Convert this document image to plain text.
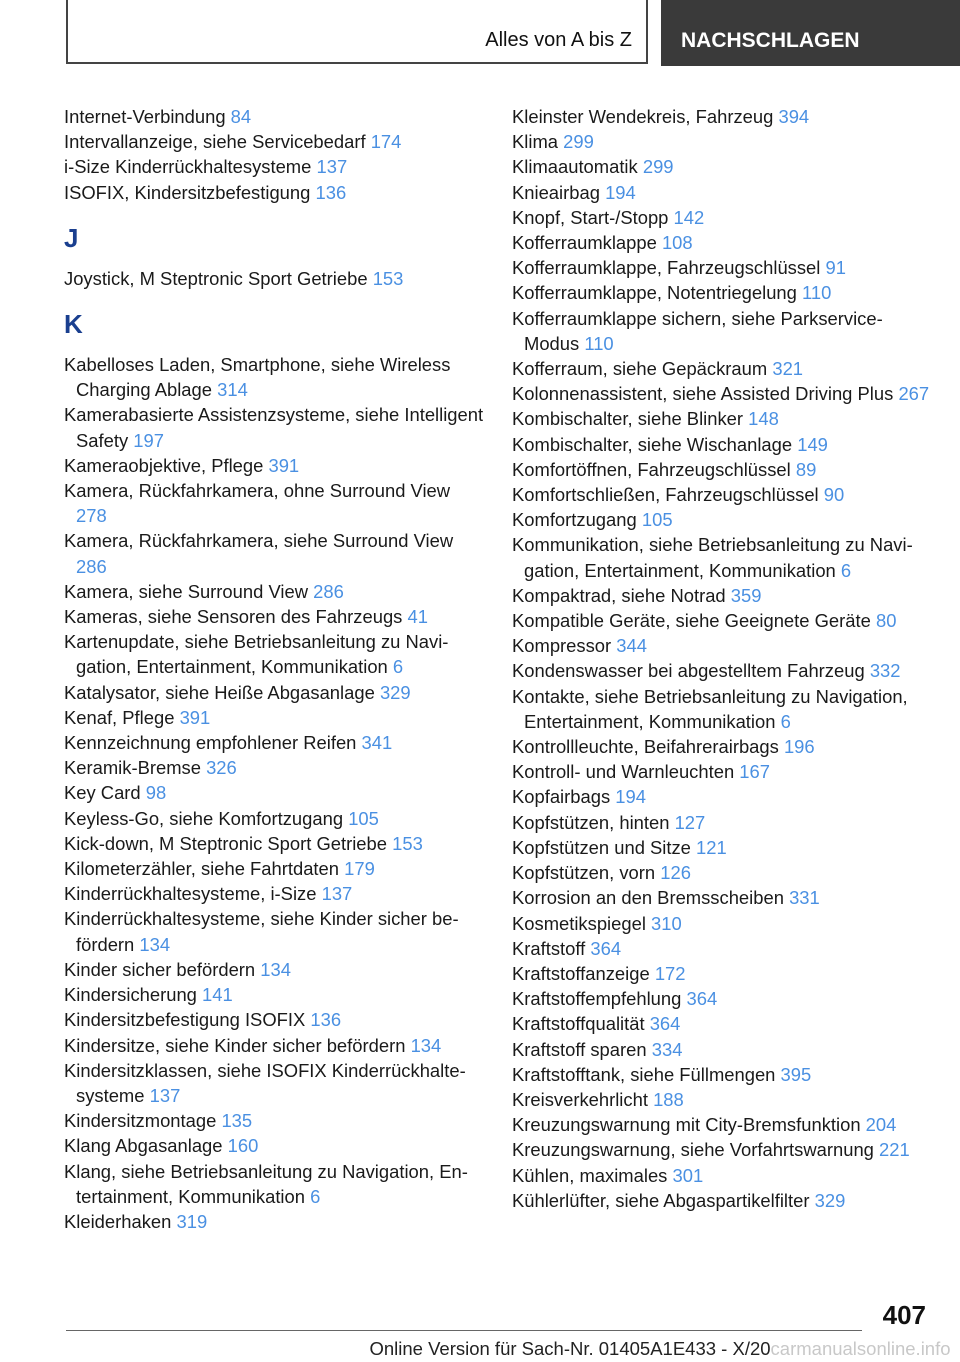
Alles von A bis Z NACHSCHLAGEN

Internet-Verbindung 84

Intervallanzeige, siehe Servicebedarf 174

i-Size Kinderrückhaltesysteme 137

ISOFIX, Kindersitzbefestigung 136

J

Joystick, M Steptronic Sport Getriebe 153

K

Kabelloses Laden, Smartphone, siehe Wireless Charging Ablage 314

Kamerabasierte Assistenzsysteme, siehe Intelligent Safety 197

Kameraobjektive, Pflege 391

Kamera, Rückfahrkamera, ohne Surround View 278

Kamera, Rückfahrkamera, siehe Surround View 286

Kamera, siehe Surround View 286

Kameras, siehe Sensoren des Fahrzeugs 41

Kartenupdate, siehe Betriebsanleitung zu Navigation, Entertainment, Kommunikation 6

Katalysator, siehe Heiße Abgasanlage 329

Kenaf, Pflege 391

Kennzeichnung empfohlener Reifen 341

Keramik-Bremse 326

Key Card 98

Keyless-Go, siehe Komfortzugang 105

Kick-down, M Steptronic Sport Getriebe 153

Kilometerzähler, siehe Fahrtdaten 179

Kinderrückhaltesysteme, i-Size 137

Kinderrückhaltesysteme, siehe Kinder sicher befördern 134

Kinder sicher befördern 134

Kindersicherung 141

Kindersitzbefestigung ISOFIX 136

Kindersitze, siehe Kinder sicher befördern 134

Kindersitzklassen, siehe ISOFIX Kinderrückhaltesysteme 137

Kindersitzmontage 135

Klang Abgasanlage 160

Klang, siehe Betriebsanleitung zu Navigation, Entertainment, Kommunikation 6

Kleiderhaken 319

Kleinster Wendekreis, Fahrzeug 394

Klima 299

Klimaautomatik 299

Knieairbag 194

Knopf, Start-/Stopp 142

Kofferraumklappe 108

Kofferraumklappe, Fahrzeugschlüssel 91

Kofferraumklappe, Notentriegelung 110

Kofferraumklappe sichern, siehe Parkservice-Modus 110

Kofferraum, siehe Gepäckraum 321

Kolonnenassistent, siehe Assisted Driving Plus 267

Kombischalter, siehe Blinker 148

Kombischalter, siehe Wischanlage 149

Komfortöffnen, Fahrzeugschlüssel 89

Komfortschließen, Fahrzeugschlüssel 90

Komfortzugang 105

Kommunikation, siehe Betriebsanleitung zu Navigation, Entertainment, Kommunikation 6

Kompaktrad, siehe Notrad 359

Kompatible Geräte, siehe Geeignete Geräte 80

Kompressor 344

Kondenswasser bei abgestelltem Fahrzeug 332

Kontakte, siehe Betriebsanleitung zu Navigation, Entertainment, Kommunikation 6

Kontrollleuchte, Beifahrerairbags 196

Kontroll- und Warnleuchten 167

Kopfairbags 194

Kopfstützen, hinten 127

Kopfstützen und Sitze 121

Kopfstützen, vorn 126

Korrosion an den Bremsscheiben 331

Kosmetikspiegel 310

Kraftstoff 364

Kraftstoffanzeige 172

Kraftstoffempfehlung 364

Kraftstoffqualität 364

Kraftstoff sparen 334

Kraftstofftank, siehe Füllmengen 395

Kreisverkehrlicht 188

Kreuzungswarnung mit City-Bremsfunktion 204

Kreuzungswarnung, siehe Vorfahrtswarnung 221

Kühlen, maximales 301

Kühlerlüfter, siehe Abgaspartikelfilter 329

407
Online Version für Sach-Nr. 01405A1E433 - X/20carmanualsonline.info
